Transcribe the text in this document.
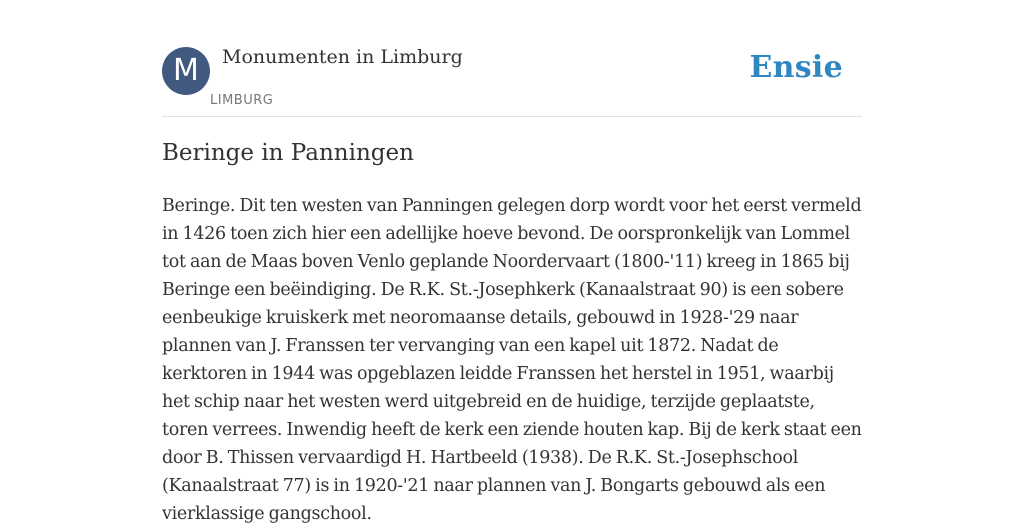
M	Monumenten in Limburg
LIMBURG
Ensie
Beringe in Panningen

Beringe. Dit ten westen van Panningen gelegen dorp wordt voor het eerst vermeld in 1426 toen zich hier een adellijke hoeve bevond. De oorspronkelijk van Lommel tot aan de Maas boven Venlo geplande Noordervaart (1800-'11) kreeg in 1865 bij Beringe een beëindiging. De R.K. St.-Josephkerk (Kanaalstraat 90) is een sobere eenbeukige kruiskerk met neoromaanse details, gebouwd in 1928-'29 naar plannen van J. Franssen ter vervanging van een kapel uit 1872. Nadat de kerktoren in 1944 was opgeblazen leidde Franssen het herstel in 1951, waarbij het schip naar het westen werd uitgebreid en de huidige, terzijde geplaatste, toren verrees. Inwendig heeft de kerk een ziende houten kap. Bij de kerk staat een door B. Thissen vervaardigd H. Hartbeeld (1938). De R.K. St.-Josephschool (Kanaalstraat 77) is in 1920-'21 naar plannen van J. Bongarts gebouwd als een vierklassige gangschool.
